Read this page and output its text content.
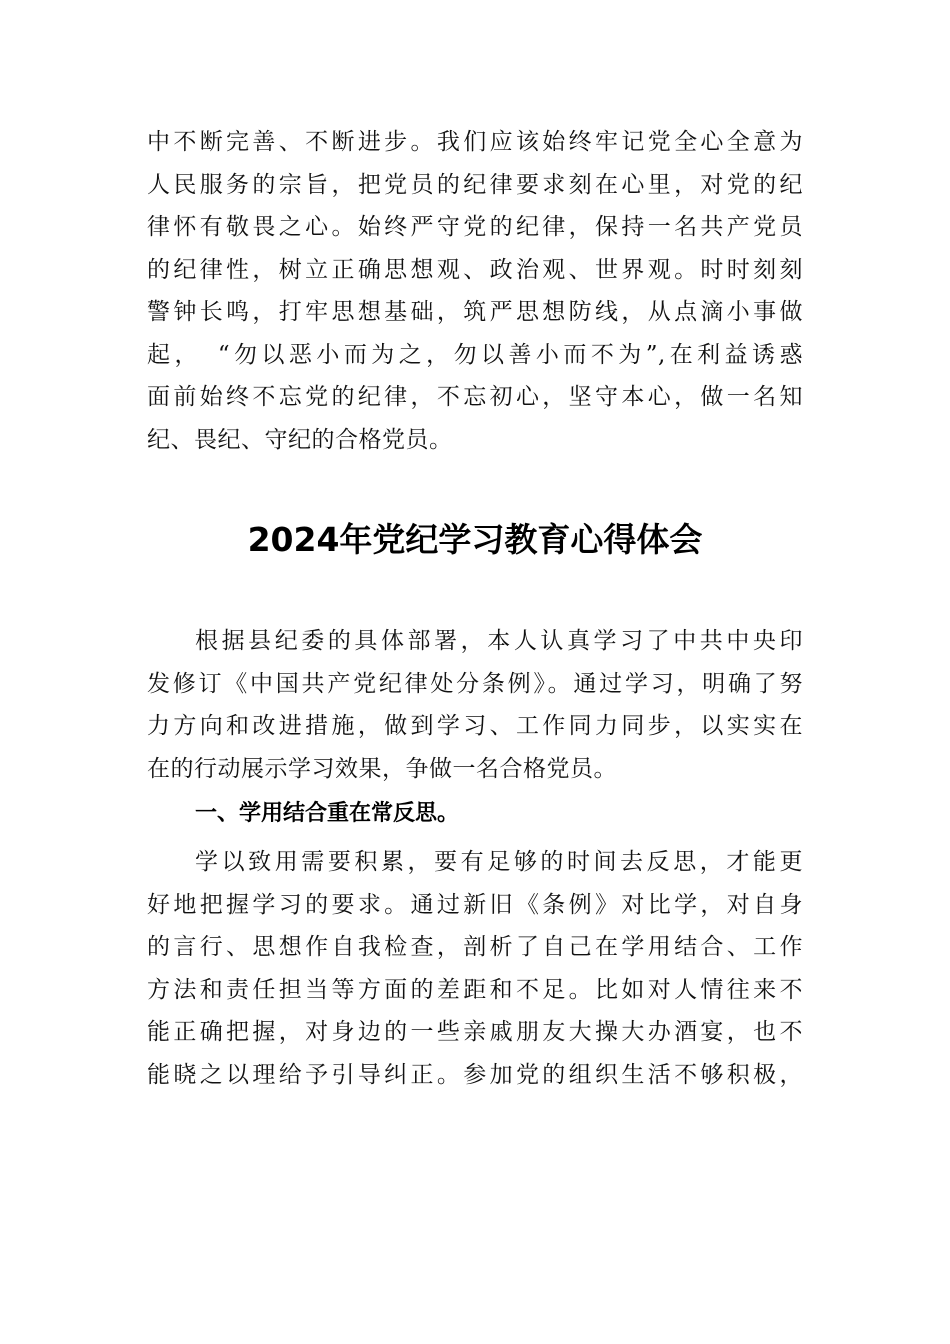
中不断完善、不断进步。我们应该始终牢记党全心全意为
人民服务的宗旨，把党员的纪律要求刻在心里，对党的纪
律怀有敬畏之心。始终严守党的纪律，保持一名共产党员
的纪律性，树立正确思想观、政治观、世界观。时时刻刻
警钟长鸣，打牢思想基础，筑严思想防线，从点滴小事做
起，　“勿以恶小而为之，勿以善小而不为”,在利益诱惑
面前始终不忘党的纪律，不忘初心，坚守本心，做一名知
纪、畏纪、守纪的合格党员。
2024年党纪学习教育心得体会
根据县纪委的具体部署，本人认真学习了中共中央印
发修订《中国共产党纪律处分条例》。通过学习，明确了努
力方向和改进措施，做到学习、工作同力同步，以实实在
在的行动展示学习效果，争做一名合格党员。
一、学用结合重在常反思。
学以致用需要积累，要有足够的时间去反思，才能更
好地把握学习的要求。通过新旧《条例》对比学，对自身
的言行、思想作自我检查，剖析了自己在学用结合、工作
方法和责任担当等方面的差距和不足。比如对人情往来不
能正确把握，对身边的一些亲戚朋友大操大办酒宴，也不
能晓之以理给予引导纠正。参加党的组织生活不够积极，
